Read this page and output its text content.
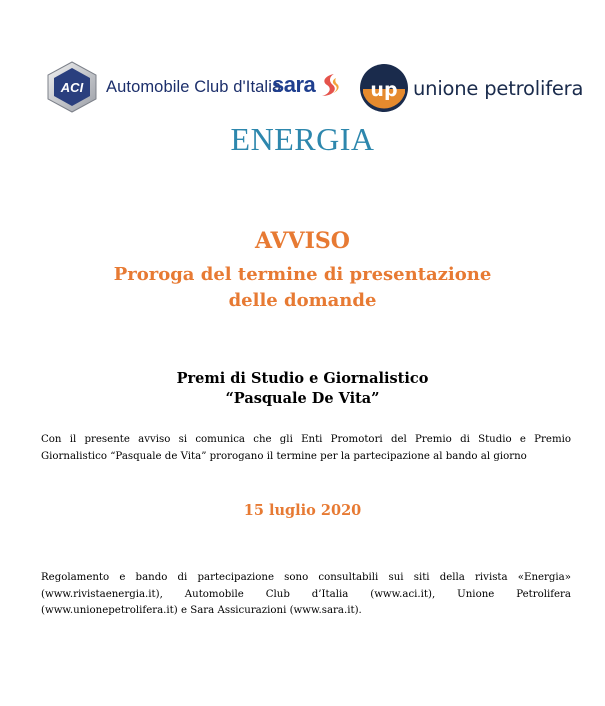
ACI Automobile Club d'Italia
sara	up unione petrolifera
ENERGIA
AVVISO
Proroga del termine di presentazione
delle domande
Premi di Studio e Giornalistico
“Pasquale De Vita”
Con il presente avviso si comunica che gli Enti Promotori del Premio di Studio e Premio
Giornalistico “Pasquale de Vita” prorogano il termine per la partecipazione al bando al giorno
15 luglio 2020
Regolamento e bando di partecipazione sono consultabili sui siti della rivista «Energia»
(www.rivistaenergia.it), Automobile Club d’Italia (www.aci.it), Unione Petrolifera
(www.unionepetrolifera.it) e Sara Assicurazioni (www.sara.it).
